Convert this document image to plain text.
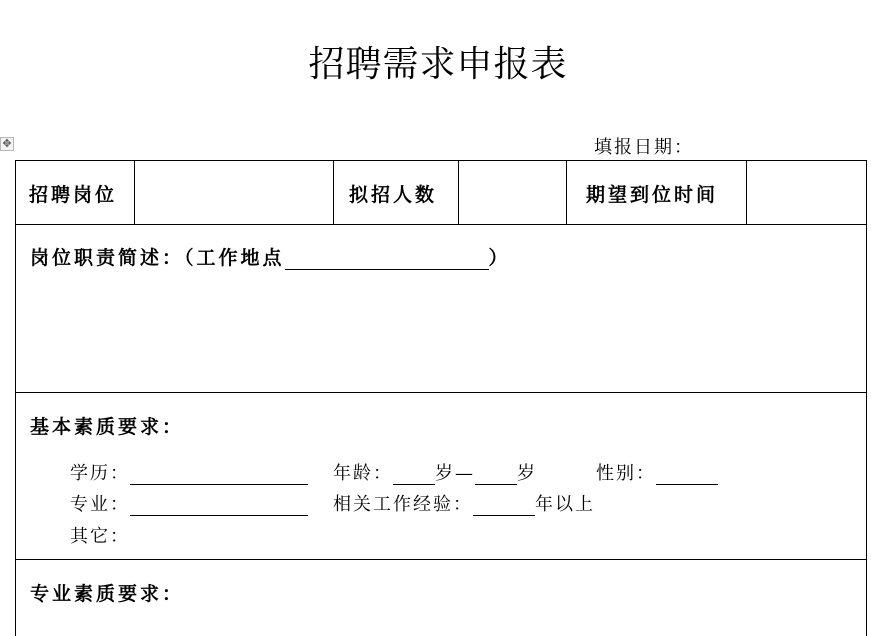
招聘需求申报表
✥	填报日期：
招聘岗位	拟招人数	期望到位时间
岗位职责简述：（工作地点	）
基本素质要求：
学历：	年龄： 岁— 岁	性别：
专业：	相关工作经验：	年以上
其它：
专业素质要求：
